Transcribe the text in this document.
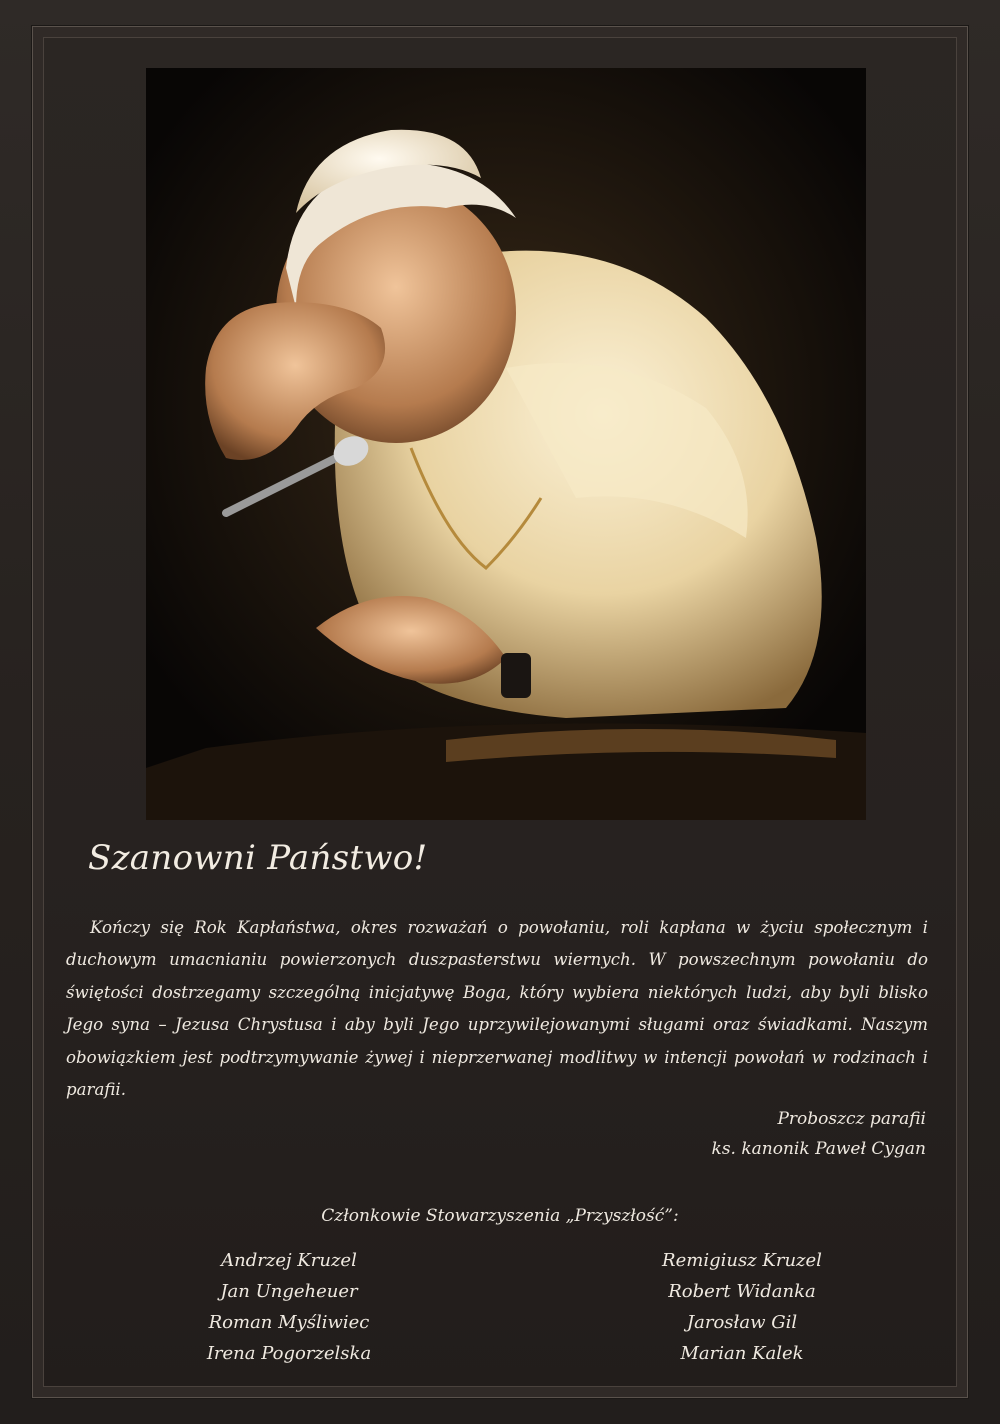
Szanowni Państwo!

Kończy się Rok Kapłaństwa, okres rozważań o powołaniu, roli kapłana w życiu społecznym i duchowym umacnianiu powierzonych duszpasterstwu wiernych. W powszechnym powołaniu do świętości dostrzegamy szczególną inicjatywę Boga, który wybiera niektórych ludzi, aby byli blisko Jego syna – Jezusa Chrystusa i aby byli Jego uprzywilejowanymi sługami oraz świadkami. Naszym obowiązkiem jest podtrzymywanie żywej i nieprzerwanej modlitwy w intencji powołań w rodzinach i parafii.

Proboszcz parafii
ks. kanonik Paweł Cygan
Członkowie Stowarzyszenia „Przyszłość”:
Andrzej Kruzel
Jan Ungeheuer
Roman Myśliwiec
Irena Pogorzelska
Remigiusz Kruzel
Robert Widanka
Jarosław Gil
Marian Kalek
